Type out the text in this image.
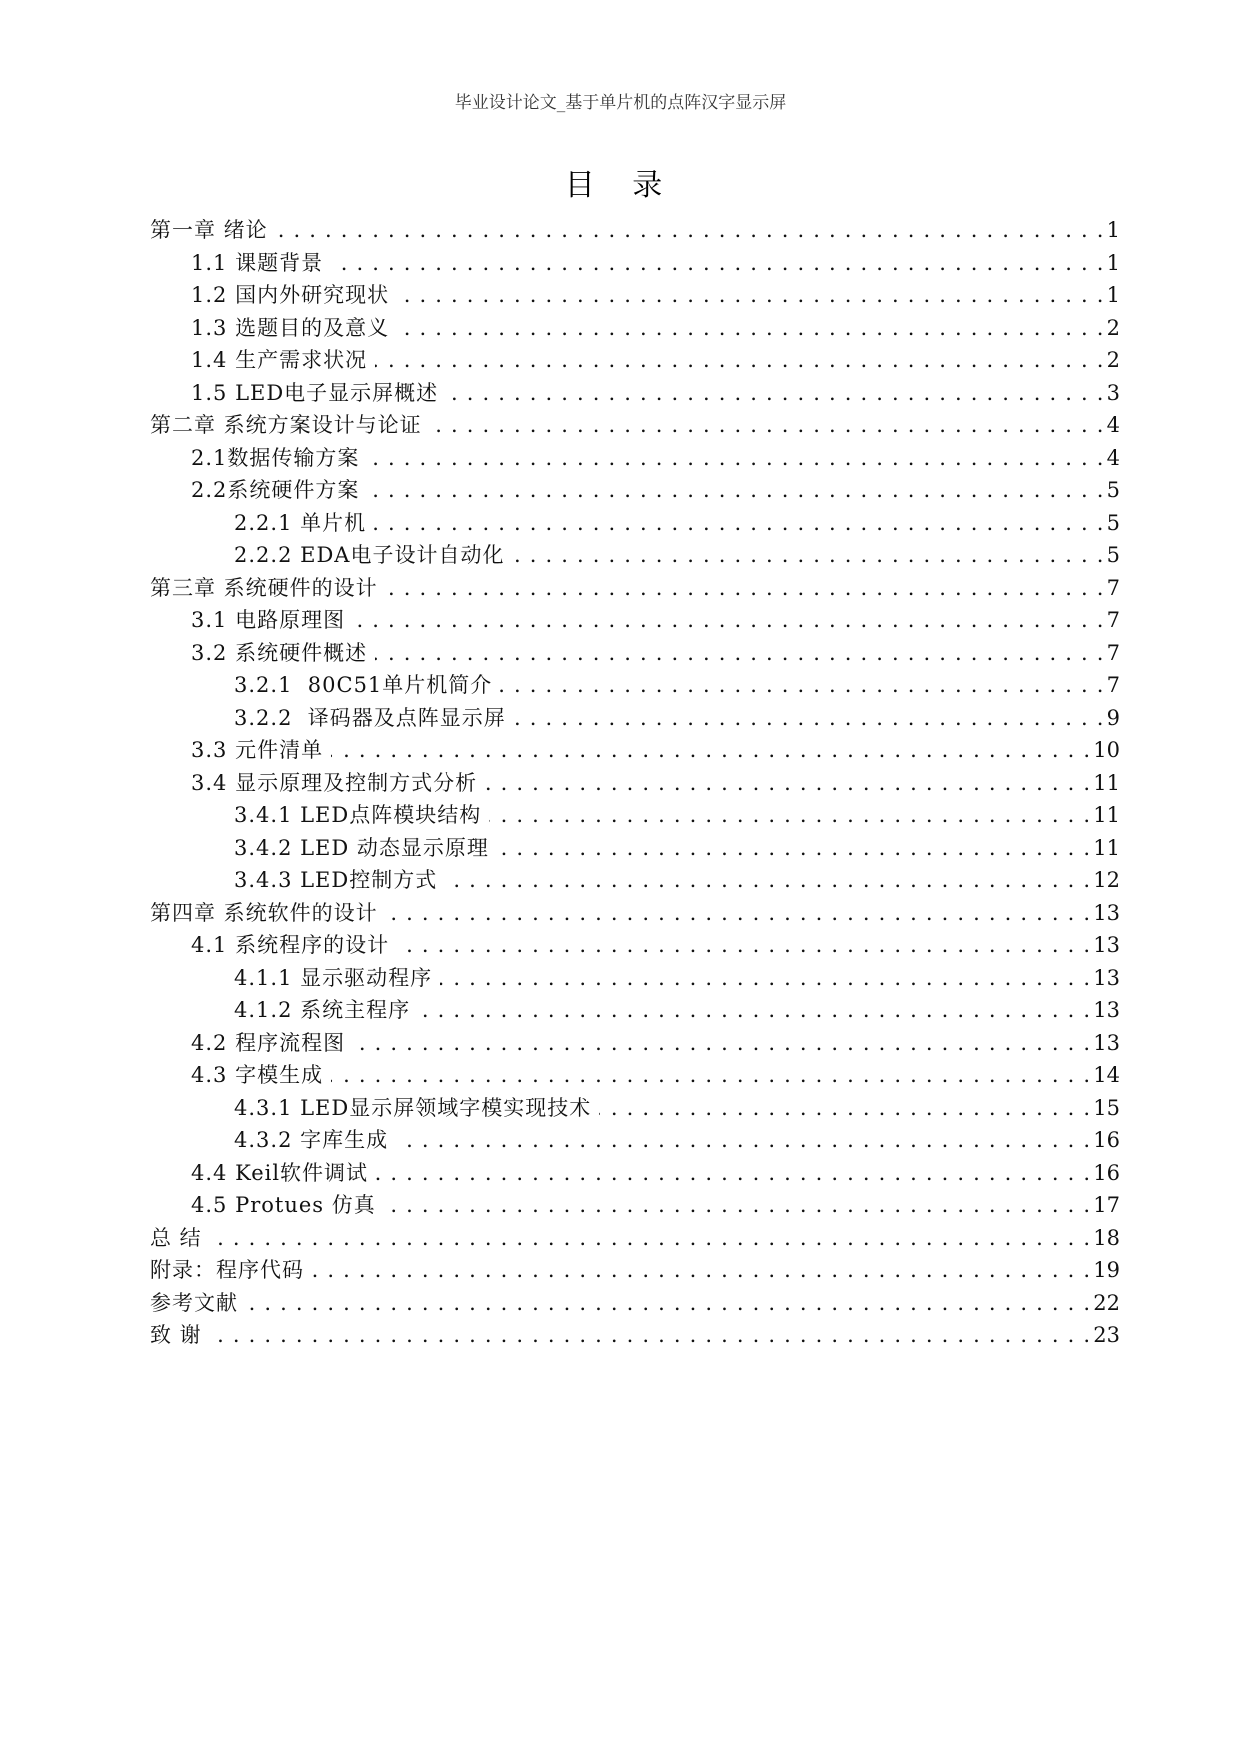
毕业设计论文_基于单片机的点阵汉字显示屏
目 录
第一章 绪论 . . .	1
1.1 课题背景 . . .	1
1.2 国内外研究现状 . . .	1
1.3 选题目的及意义 . . .	2
1.4 生产需求状况 . . .	2
1.5 LED电子显示屏概述 . . .	3
第二章 系统方案设计与论证 . . .	4
2.1数据传输方案 . . .	4
2.2系统硬件方案 . . .	5
2.2.1 单片机 . . .	5
2.2.2 EDA电子设计自动化 . . .	5
第三章 系统硬件的设计 . . .	7
3.1 电路原理图 . . .	7
3.2 系统硬件概述 . . .	7
3.2.1  80C51单片机简介 . . .	7
3.2.2  译码器及点阵显示屏 . . .	9
3.3 元件清单 . . .	10
3.4 显示原理及控制方式分析 . . .	11
3.4.1 LED点阵模块结构 . . .	11
3.4.2 LED 动态显示原理 . . .	11
3.4.3 LED控制方式 . . .	12
第四章 系统软件的设计 . . .	13
4.1 系统程序的设计 . . .	13
4.1.1 显示驱动程序 . . .	13
4.1.2 系统主程序 . . .	13
4.2 程序流程图 . . .	13
4.3 字模生成 . . .	14
4.3.1 LED显示屏领域字模实现技术 . . .	15
4.3.2 字库生成 . . .	16
4.4 Keil软件调试 . . .	16
4.5 Protues 仿真 . . .	17
总 结 . . .	18
附录：程序代码 . . .	19
参考文献 . . .	22
致 谢 . . .	23
